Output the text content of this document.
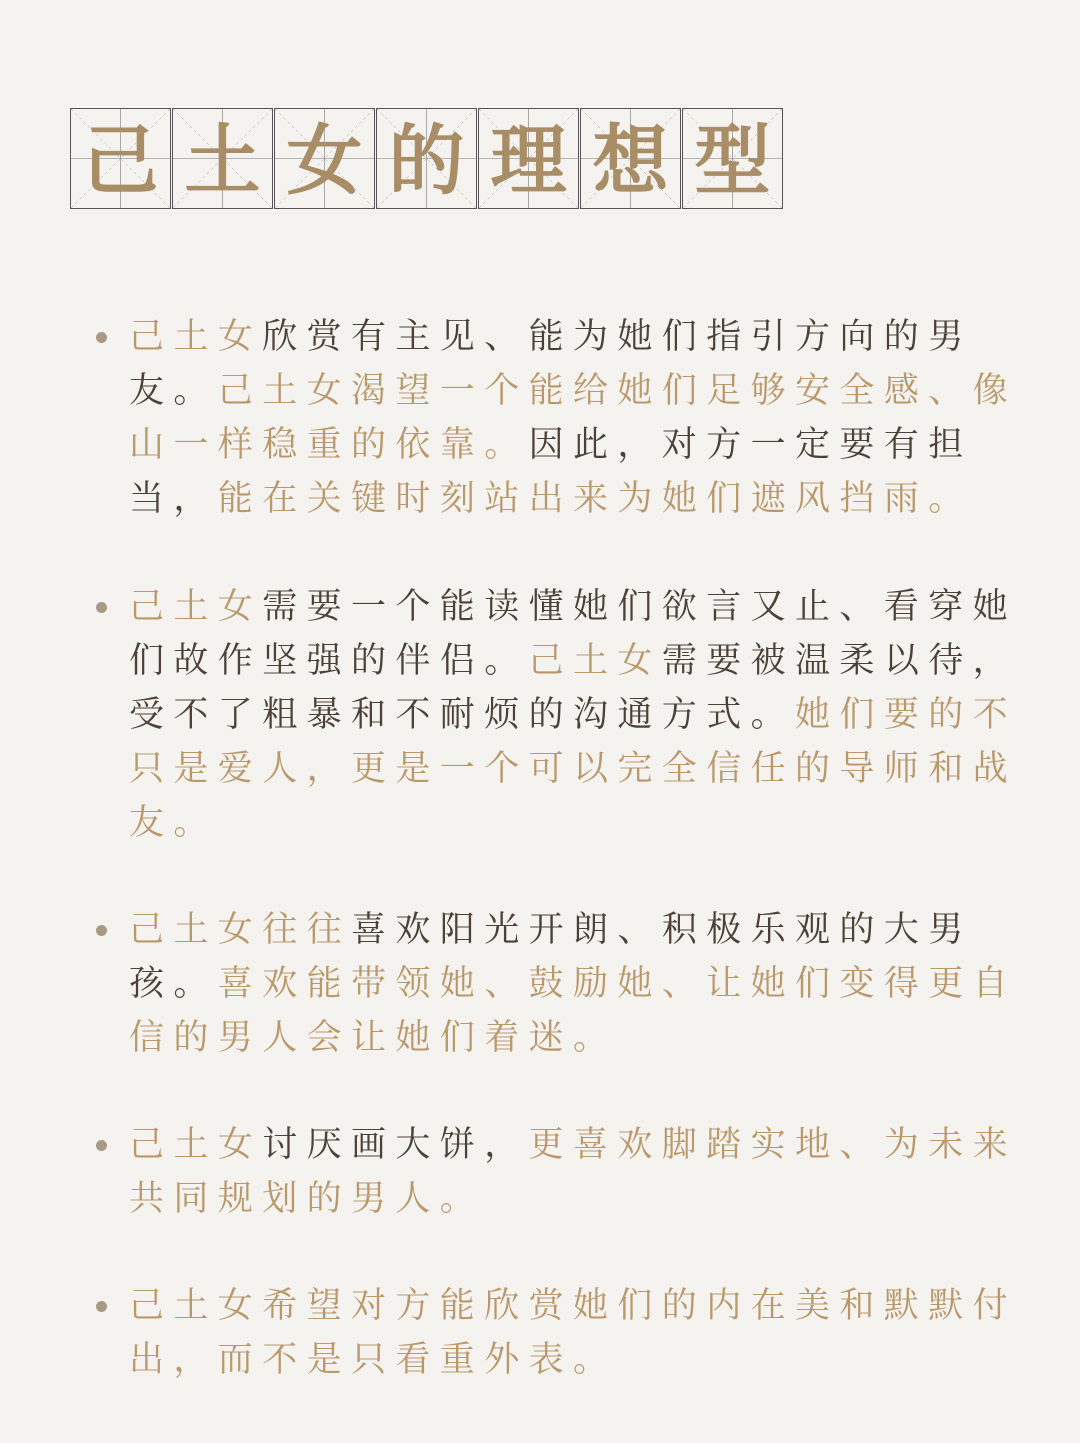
己 土 女 的 理 想 型

己土女欣赏有主见、能为她们指引方向的男友。己土女渴望一个能给她们足够安全感、像山一样稳重的依靠。因此，对方一定要有担当，能在关键时刻站出来为她们遮风挡雨。

己土女需要一个能读懂她们欲言又止、看穿她们故作坚强的伴侣。己土女需要被温柔以待，受不了粗暴和不耐烦的沟通方式。她们要的不只是爱人，更是一个可以完全信任的导师和战友。

己土女往往喜欢阳光开朗、积极乐观的大男孩。喜欢能带领她、鼓励她、让她们变得更自信的男人会让她们着迷。

己土女讨厌画大饼，更喜欢脚踏实地、为未来共同规划的男人。

己土女希望对方能欣赏她们的内在美和默默付出，而不是只看重外表。
